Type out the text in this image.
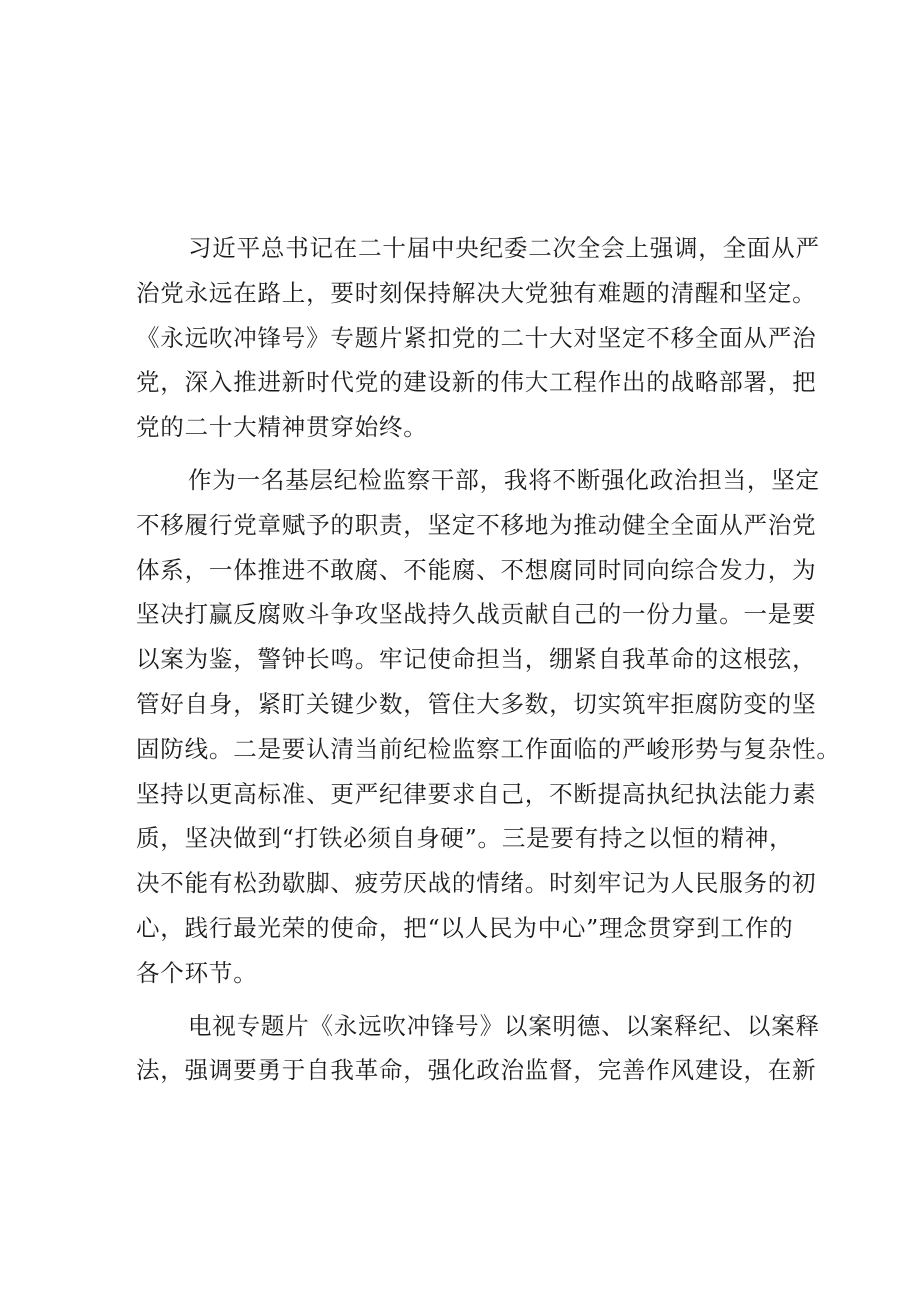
习近平总书记在二十届中央纪委二次全会上强调，全面从严
治党永远在路上，要时刻保持解决大党独有难题的清醒和坚定。
《永远吹冲锋号》专题片紧扣党的二十大对坚定不移全面从严治
党，深入推进新时代党的建设新的伟大工程作出的战略部署，把
党的二十大精神贯穿始终。

作为一名基层纪检监察干部，我将不断强化政治担当，坚定
不移履行党章赋予的职责，坚定不移地为推动健全全面从严治党
体系，一体推进不敢腐、不能腐、不想腐同时同向综合发力，为
坚决打赢反腐败斗争攻坚战持久战贡献自己的一份力量。一是要
以案为鉴，警钟长鸣。牢记使命担当，绷紧自我革命的这根弦，
管好自身，紧盯关键少数，管住大多数，切实筑牢拒腐防变的坚
固防线。二是要认清当前纪检监察工作面临的严峻形势与复杂性。
坚持以更高标准、更严纪律要求自己，不断提高执纪执法能力素
质，坚决做到“打铁必须自身硬”。三是要有持之以恒的精神，
决不能有松劲歇脚、疲劳厌战的情绪。时刻牢记为人民服务的初
心，践行最光荣的使命，把“以人民为中心”理念贯穿到工作的
各个环节。

电视专题片《永远吹冲锋号》以案明德、以案释纪、以案释
法，强调要勇于自我革命，强化政治监督，完善作风建设，在新
